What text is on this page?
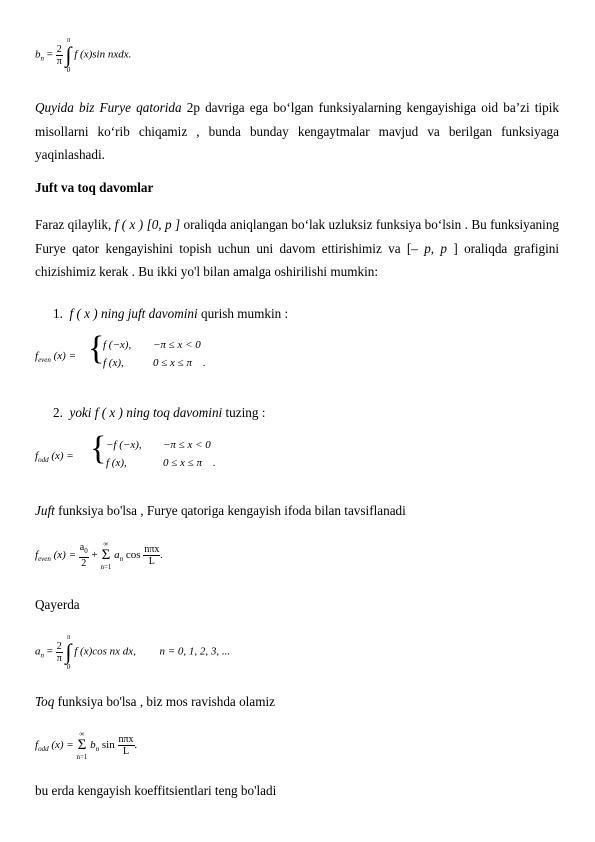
$b_n = \frac{2}{\pi}$

π
∫
0
f (x)sin nxdx.
Quyida biz Furye qatorida 2p davriga ega bo‘lgan funksiyalarning kengayishiga oid ba’zi tipik misollarni ko‘rib chiqamiz , bunda bunday kengaytmalar mavjud va berilgan funksiyaga yaqinlashadi.
Juft va toq davomlar
Faraz qilaylik, f ( x ) [0, p ] oraliqda aniqlangan bo‘lak uzluksiz funksiya bo‘lsin . Bu funksiyaning Furye qator kengayishini topish uchun uni davom ettirishimiz va [– p, p ] oraliqda grafigini chizishimiz kerak . Bu ikki yo'l bilan amalga oshirilishi mumkin:
1. f ( x ) ning juft davomini qurish mumkin :
$f_{even}$ (x) = {
f (−x), −π ≤ x < 0
f (x),	0 ≤ x ≤ π .
2. yoki f ( x ) ning toq davomini tuzing :
$f_{odd}$ (x) = { −f (−x), −π ≤ x < 0
f (x),	0 ≤ x ≤ π .
Juft funksiya bo'lsa , Furye qatoriga kengayish ifoda bilan tavsiflanadi
$f_{even}$ $(x) = \frac{a_0}{2}$ +
∞
Σ
n=1
$a_n$ $\cos \frac{\text{nπx}}{L}$ .
Qayerda
$a_n = \frac{2}{\pi}$

π
∫
0
f (x)cos nx dx, n = 0, 1, 2, 3, ...
Toq funksiya bo'lsa , biz mos ravishda olamiz
$f_{odd}$ (x) =
∞
Σ
n=1
$b_n$ $\sin \frac{\text{nπx}}{L}$ .
bu erda kengayish koeffitsientlari teng bo'ladi
